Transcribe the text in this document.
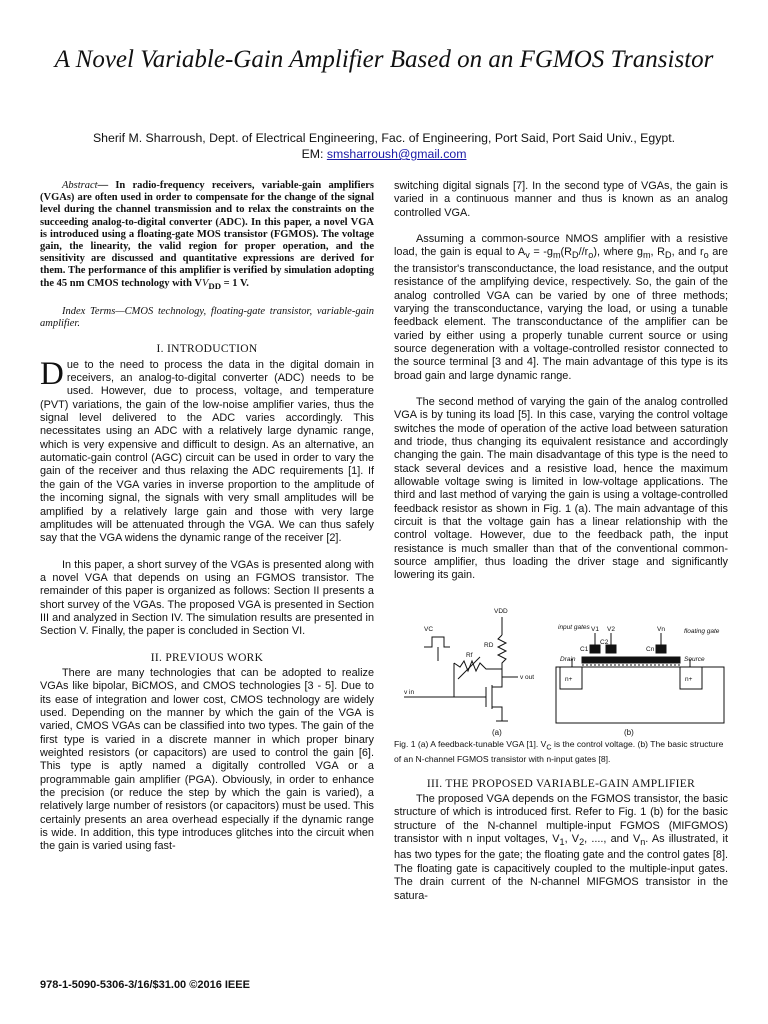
A Novel Variable-Gain Amplifier Based on an FGMOS Transistor
Sherif M. Sharroush, Dept. of Electrical Engineering, Fac. of Engineering, Port Said, Port Said Univ., Egypt.
EM: smsharroush@gmail.com

Abstract— In radio-frequency receivers, variable-gain amplifiers (VGAs) are often used in order to compensate for the change of the signal level during the channel transmission and to relax the constraints on the succeeding analog-to-digital converter (ADC). In this paper, a novel VGA is introduced using a floating-gate MOS transistor (FGMOS). The voltage gain, the linearity, the valid region for proper operation, and the sensitivity are discussed and quantitative expressions are derived for them. The performance of this amplifier is verified by simulation adopting the 45 nm CMOS technology with $VV_{DD} = 1$ V.

Index Terms—CMOS technology, floating-gate transistor, variable-gain amplifier.

I. INTRODUCTION

Due to the need to process the data in the digital domain in receivers, an analog-to-digital converter (ADC) needs to be used. However, due to process, voltage, and temperature (PVT) variations, the gain of the low-noise amplifier varies, thus the signal level delivered to the ADC varies accordingly. This necessitates using an ADC with a relatively large dynamic range, which is very expensive and difficult to design. As an alternative, an automatic-gain control (AGC) circuit can be used in order to vary the gain of the receiver and thus relaxing the ADC requirements [1]. If the gain of the VGA varies in inverse proportion to the amplitude of the incoming signal, the signals with very small amplitudes will be amplified by a relatively large gain and those with very large amplitudes will be attenuated through the VGA. We can thus safely say that the VGA widens the dynamic range of the receiver [2].

In this paper, a short survey of the VGAs is presented along with a novel VGA that depends on using an FGMOS transistor. The remainder of this paper is organized as follows: Section II presents a short survey of the VGAs. The proposed VGA is presented in Section III and analyzed in Section IV. The simulation results are presented in Section V. Finally, the paper is concluded in Section VI.

II. PREVIOUS WORK

There are many technologies that can be adopted to realize VGAs like bipolar, BiCMOS, and CMOS technologies [3 - 5]. Due to its ease of integration and lower cost, CMOS technology are widely used. Depending on the manner by which the gain of the VGA is varied, CMOS VGAs can be classified into two types. The gain of the first type is varied in a discrete manner in which proper binary weighted resistors (or capacitors) are used to control the gain [6]. This type is aptly named a digitally controlled VGA or a programmable gain amplifier (PGA). Obviously, in order to enhance the precision (or reduce the step by which the gain is varied), a relatively large number of resistors (or capacitors) must be used. This certainly presents an area overhead especially if the dynamic range is wide. In addition, this type introduces glitches into the circuit when the gain is varied using fast-

switching digital signals [7]. In the second type of VGAs, the gain is varied in a continuous manner and thus is known as an analog controlled VGA.

Assuming a common-source NMOS amplifier with a resistive load, the gain is equal to $A_v = -g_m(R_D//r_o)$, where $g_m$, $R_D$, and $r_o$ are the transistor's transconductance, the load resistance, and the output resistance of the amplifying device, respectively. So, the gain of the analog controlled VGA can be varied by one of three methods; varying the transconductance, varying the load, or using a tunable feedback element. The transconductance of the amplifier can be varied by either using a properly tunable current source or using source degeneration with a voltage-controlled resistor connected to the source terminal [3 and 4]. The main advantage of this type is its broad gain and large dynamic range.

The second method of varying the gain of the analog controlled VGA is by tuning its load [5]. In this case, varying the control voltage switches the mode of operation of the active load between saturation and triode, thus changing its equivalent resistance and accordingly changing the gain. The main disadvantage of this type is the need to stack several devices and a resistive load, hence the maximum allowable voltage swing is limited in low-voltage applications. The third and last method of varying the gain is using a voltage-controlled feedback resistor as shown in Fig. 1 (a). The main advantage of this circuit is that the voltage gain has a linear relationship with the control voltage. However, due to the feedback path, the input resistance is much smaller than that of the conventional common-source amplifier, thus loading the driver stage and significantly lowering its gain.

VDD
VC
RD
Rf
v out
v in
(a)	(b)
input gates
floating gate
Drain	Source
V1 V2	Vn
C1
C2
Cn
n+	n+

Fig. 1 (a) A feedback-tunable VGA [1]. $V_C$ is the control voltage. (b) The basic structure of an N-channel FGMOS transistor with n-input gates [8].

III. THE PROPOSED VARIABLE-GAIN AMPLIFIER

The proposed VGA depends on the FGMOS transistor, the basic structure of which is introduced first. Refer to Fig. 1 (b) for the basic structure of the N-channel multiple-input FGMOS (MIFGMOS) transistor with n input voltages, $V_1$, $V_2$, ...., and $V_n$. As illustrated, it has two types for the gate; the floating gate and the control gates [8]. The floating gate is capacitively coupled to the multiple-input gates. The drain current of the N-channel MIFGMOS transistor in the satura-

978-1-5090-5306-3/16/$31.00 ©2016 IEEE
